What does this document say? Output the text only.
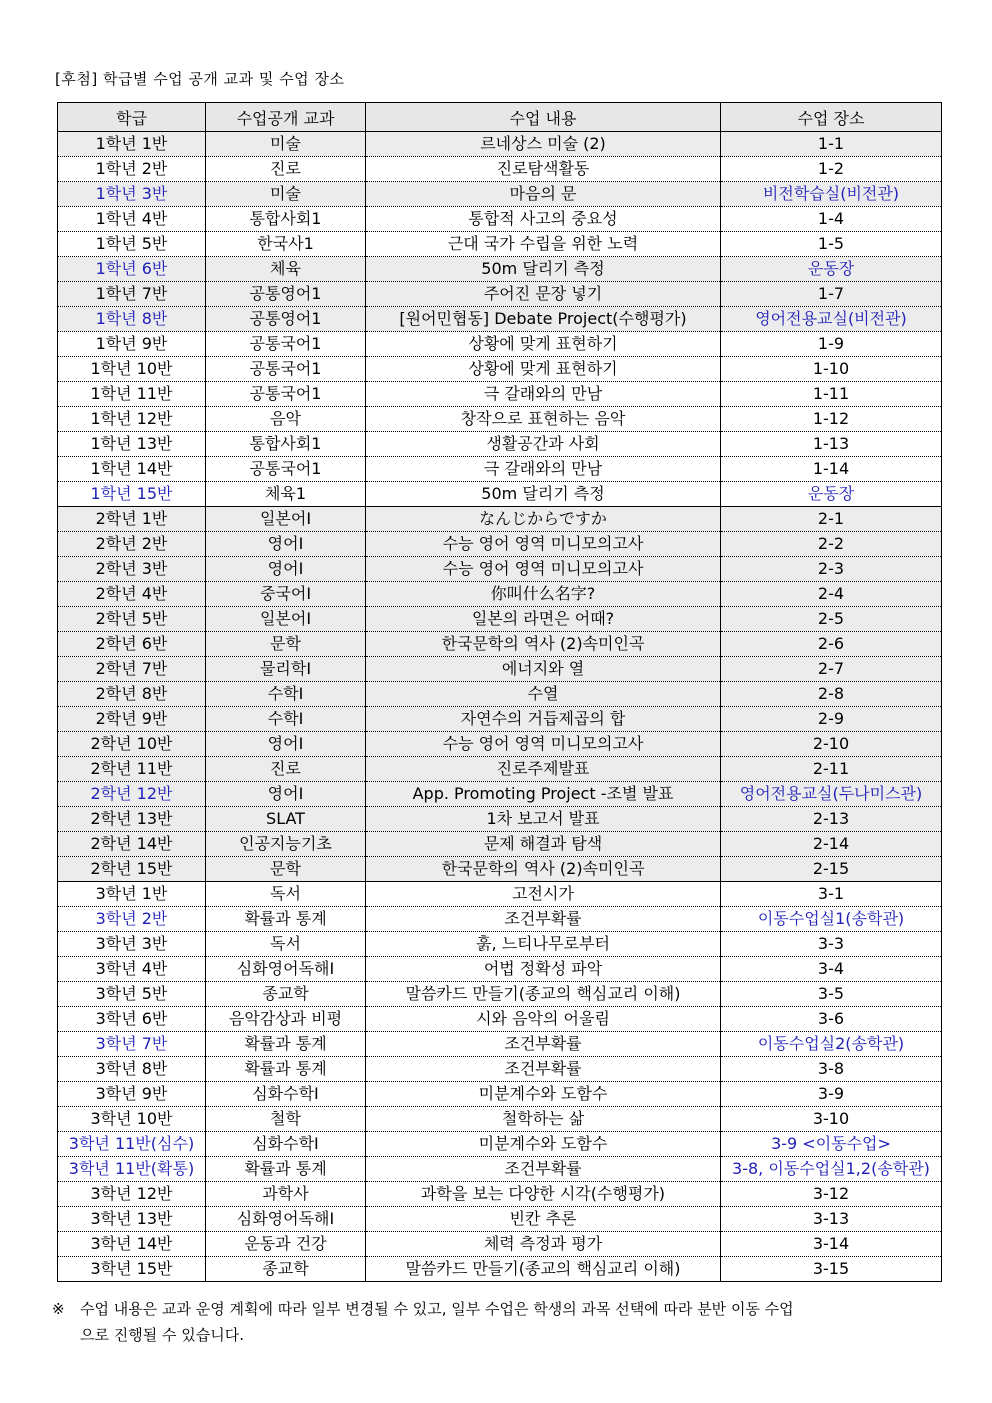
[후첨] 학급별 수업 공개 교과 및 수업 장소
학급	수업공개 교과	수업 내용	수업 장소
1학년 1반	미술	르네상스 미술 (2)	1-1
1학년 2반	진로	진로탐색활동	1-2
1학년 3반	미술	마음의 문	비전학습실(비전관)
1학년 4반	통합사회1	통합적 사고의 중요성	1-4
1학년 5반	한국사1	근대 국가 수립을 위한 노력	1-5
1학년 6반	체육	50m 달리기 측정	운동장
1학년 7반	공통영어1	주어진 문장 넣기	1-7
1학년 8반	공통영어1	[원어민협동] Debate Project(수행평가)	영어전용교실(비전관)
1학년 9반	공통국어1	상황에 맞게 표현하기	1-9
1학년 10반	공통국어1	상황에 맞게 표현하기	1-10
1학년 11반	공통국어1	극 갈래와의 만남	1-11
1학년 12반	음악	창작으로 표현하는 음악	1-12
1학년 13반	통합사회1	생활공간과 사회	1-13
1학년 14반	공통국어1	극 갈래와의 만남	1-14
1학년 15반	체육1	50m 달리기 측정	운동장
2학년 1반	일본어Ⅰ	なんじからですか	2-1
2학년 2반	영어Ⅰ	수능 영어 영역 미니모의고사	2-2
2학년 3반	영어Ⅰ	수능 영어 영역 미니모의고사	2-3
2학년 4반	중국어Ⅰ	你叫什么名字?	2-4
2학년 5반	일본어Ⅰ	일본의 라면은 어때?	2-5
2학년 6반	문학	한국문학의 역사 (2)속미인곡	2-6
2학년 7반	물리학Ⅰ	에너지와 열	2-7
2학년 8반	수학Ⅰ	수열	2-8
2학년 9반	수학Ⅰ	자연수의 거듭제곱의 합	2-9
2학년 10반	영어Ⅰ	수능 영어 영역 미니모의고사	2-10
2학년 11반	진로	진로주제발표	2-11
2학년 12반	영어Ⅰ	App. Promoting Project -조별 발표	영어전용교실(두나미스관)
2학년 13반	SLAT	1차 보고서 발표	2-13
2학년 14반	인공지능기초	문제 해결과 탐색	2-14
2학년 15반	문학	한국문학의 역사 (2)속미인곡	2-15
3학년 1반	독서	고전시가	3-1
3학년 2반	확률과 통계	조건부확률	이동수업실1(송학관)
3학년 3반	독서	훍, 느티나무로부터	3-3
3학년 4반	심화영어독해Ⅰ	어법 정확성 파악	3-4
3학년 5반	종교학	말씀카드 만들기(종교의 핵심교리 이해)	3-5
3학년 6반	음악감상과 비평	시와 음악의 어울림	3-6
3학년 7반	확률과 통계	조건부확률	이동수업실2(송학관)
3학년 8반	확률과 통계	조건부확률	3-8
3학년 9반	심화수학Ⅰ	미분계수와 도함수	3-9
3학년 10반	철학	철학하는 삶	3-10
3학년 11반(심수)	심화수학Ⅰ	미분계수와 도함수	3-9 <이동수업>
3학년 11반(확통)	확률과 통계	조건부확률	3-8, 이동수업실1,2(송학관)
3학년 12반	과학사	과학을 보는 다양한 시각(수행평가)	3-12
3학년 13반	심화영어독해Ⅰ	빈칸 추론	3-13
3학년 14반	운동과 건강	체력 측정과 평가	3-14
3학년 15반	종교학	말씀카드 만들기(종교의 핵심교리 이해)	3-15
※ 수업 내용은 교과 운영 계획에 따라 일부 변경될 수 있고, 일부 수업은 학생의 과목 선택에 따라 분반 이동 수업
으로 진행될 수 있습니다.
